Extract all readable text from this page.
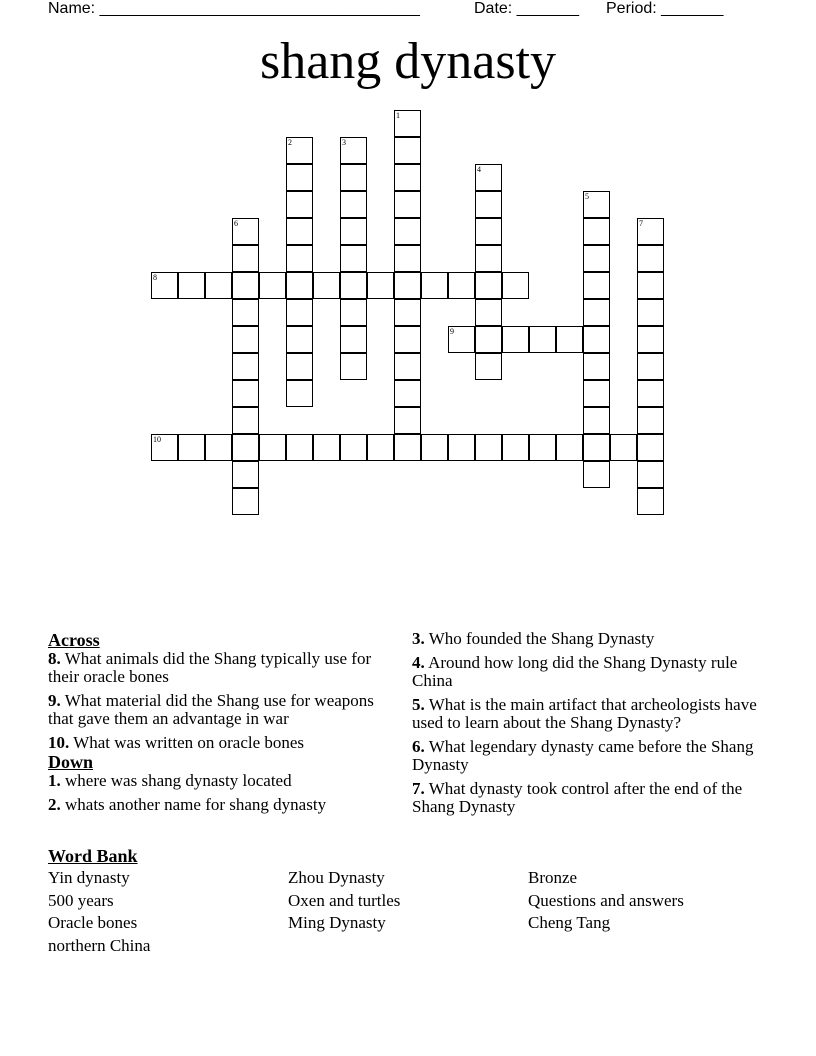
Name: ____________________________________	Date: _______ Period: _______
shang dynasty
1
2	3
4
5
6	7
8
9
10
Across
8. What animals did the Shang typically use for their oracle bones
9. What material did the Shang use for weapons that gave them an advantage in war
10. What was written on oracle bones
Down
1. where was shang dynasty located
2. whats another name for shang dynasty
3. Who founded the Shang Dynasty
4. Around how long did the Shang Dynasty rule China
5. What is the main artifact that archeologists have used to learn about the Shang Dynasty?
6. What legendary dynasty came before the Shang Dynasty
7. What dynasty took control after the end of the Shang Dynasty
Word Bank
Yin dynasty	Zhou Dynasty	Bronze
500 years	Oxen and turtles	Questions and answers
Oracle bones	Ming Dynasty	Cheng Tang
northern China
